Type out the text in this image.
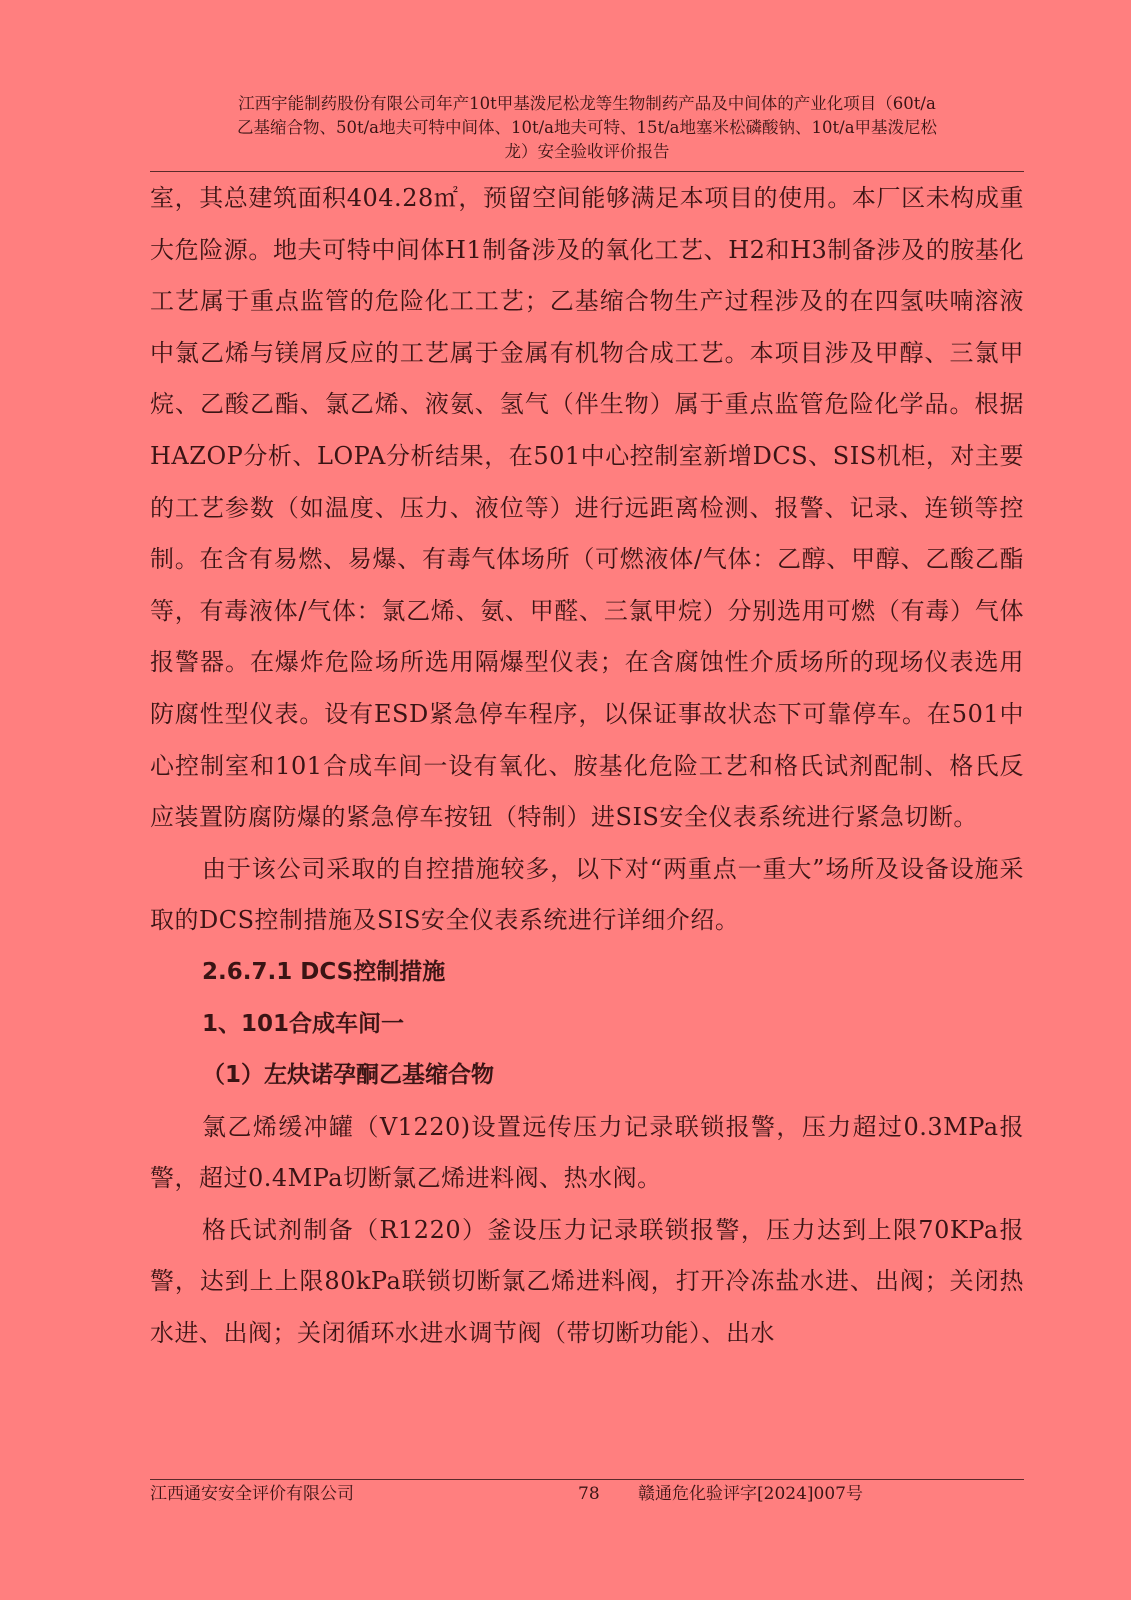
江西宇能制药股份有限公司年产10t甲基泼尼松龙等生物制药产品及中间体的产业化项目（60t/a
乙基缩合物、50t/a地夫可特中间体、10t/a地夫可特、15t/a地塞米松磷酸钠、10t/a甲基泼尼松
龙）安全验收评价报告

室，其总建筑面积404.28㎡，预留空间能够满足本项目的使用。本厂区未构成重大危险源。地夫可特中间体H1制备涉及的氧化工艺、H2和H3制备涉及的胺基化工艺属于重点监管的危险化工工艺；乙基缩合物生产过程涉及的在四氢呋喃溶液中氯乙烯与镁屑反应的工艺属于金属有机物合成工艺。本项目涉及甲醇、三氯甲烷、乙酸乙酯、氯乙烯、液氨、氢气（伴生物）属于重点监管危险化学品。根据HAZOP分析、LOPA分析结果，在501中心控制室新增DCS、SIS机柜，对主要的工艺参数（如温度、压力、液位等）进行远距离检测、报警、记录、连锁等控制。在含有易燃、易爆、有毒气体场所（可燃液体/气体：乙醇、甲醇、乙酸乙酯等，有毒液体/气体：氯乙烯、氨、甲醛、三氯甲烷）分别选用可燃（有毒）气体报警器。在爆炸危险场所选用隔爆型仪表；在含腐蚀性介质场所的现场仪表选用防腐性型仪表。设有ESD紧急停车程序，以保证事故状态下可靠停车。在501中心控制室和101合成车间一设有氧化、胺基化危险工艺和格氏试剂配制、格氏反应装置防腐防爆的紧急停车按钮（特制）进SIS安全仪表系统进行紧急切断。

由于该公司采取的自控措施较多，以下对“两重点一重大”场所及设备设施采取的DCS控制措施及SIS安全仪表系统进行详细介绍。

2.6.7.1 DCS控制措施

1、101合成车间一

（1）左炔诺孕酮乙基缩合物

氯乙烯缓冲罐（V1220)设置远传压力记录联锁报警，压力超过0.3MPa报警，超过0.4MPa切断氯乙烯进料阀、热水阀。

格氏试剂制备（R1220）釜设压力记录联锁报警，压力达到上限70KPa报警，达到上上限80kPa联锁切断氯乙烯进料阀，打开冷冻盐水进、出阀；关闭热水进、出阀；关闭循环水进水调节阀（带切断功能）、出水

江西通安安全评价有限公司	78 赣通危化验评字[2024]007号
